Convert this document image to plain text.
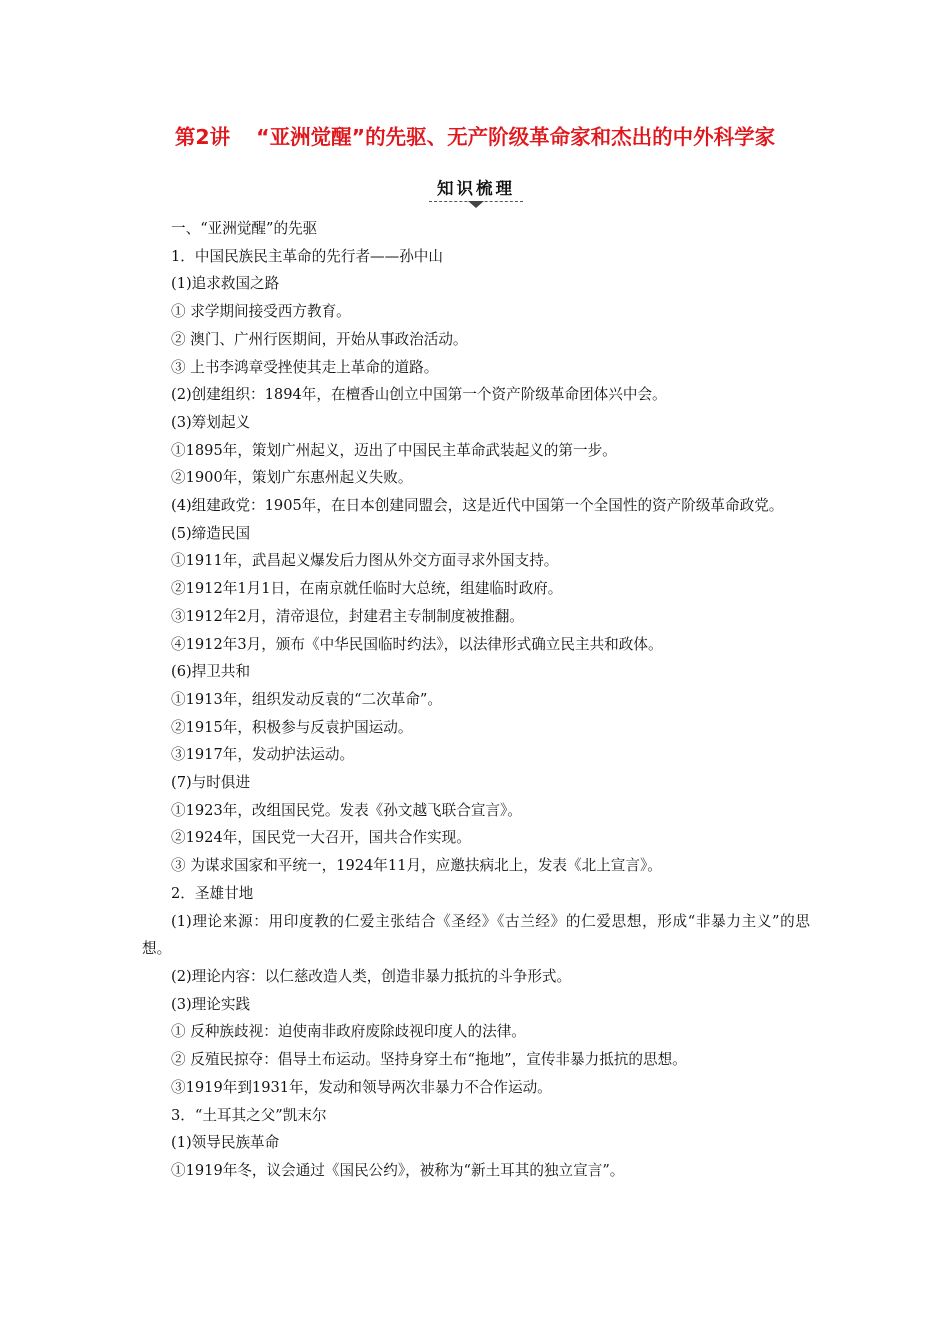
第2讲 “亚洲觉醒”的先驱、无产阶级革命家和杰出的中外科学家
知识梳理

一、“亚洲觉醒”的先驱

1．中国民族民主革命的先行者——孙中山

(1)追求救国之路

① 求学期间接受西方教育。

② 澳门、广州行医期间，开始从事政治活动。

③ 上书李鸿章受挫使其走上革命的道路。

(2)创建组织：1894年，在檀香山创立中国第一个资产阶级革命团体兴中会。

(3)筹划起义

①1895年，策划广州起义，迈出了中国民主革命武装起义的第一步。

②1900年，策划广东惠州起义失败。

(4)组建政党：1905年，在日本创建同盟会，这是近代中国第一个全国性的资产阶级革命政党。

(5)缔造民国

①1911年，武昌起义爆发后力图从外交方面寻求外国支持。

②1912年1月1日，在南京就任临时大总统，组建临时政府。

③1912年2月，清帝退位，封建君主专制制度被推翻。

④1912年3月，颁布《中华民国临时约法》，以法律形式确立民主共和政体。

(6)捍卫共和

①1913年，组织发动反袁的“二次革命”。

②1915年，积极参与反袁护国运动。

③1917年，发动护法运动。

(7)与时俱进

①1923年，改组国民党。发表《孙文越飞联合宣言》。

②1924年，国民党一大召开，国共合作实现。

③ 为谋求国家和平统一，1924年11月，应邀扶病北上，发表《北上宣言》。

2．圣雄甘地

(1)理论来源：用印度教的仁爱主张结合《圣经》《古兰经》的仁爱思想，形成“非暴力主义”的思想。

(2)理论内容：以仁慈改造人类，创造非暴力抵抗的斗争形式。

(3)理论实践

① 反种族歧视：迫使南非政府废除歧视印度人的法律。

② 反殖民掠夺：倡导土布运动。坚持身穿土布“拖地”，宣传非暴力抵抗的思想。

③1919年到1931年，发动和领导两次非暴力不合作运动。

3．“土耳其之父”凯末尔

(1)领导民族革命

①1919年冬，议会通过《国民公约》，被称为“新土耳其的独立宣言”。
